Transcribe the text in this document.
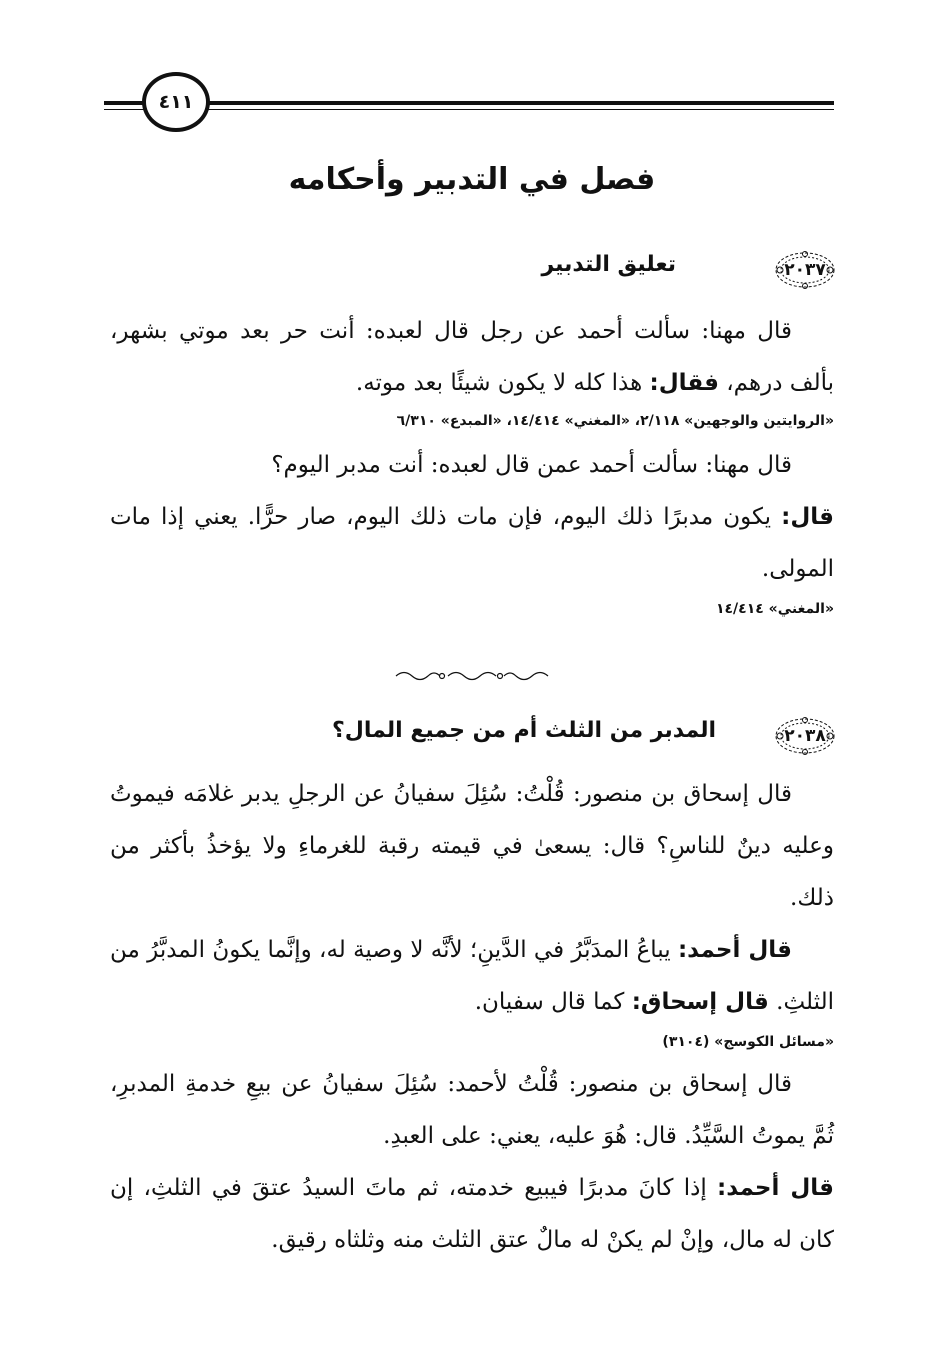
٤١١
فصل في التدبير وأحكامه
٢٠٣٧
تعليق التدبير

قال مهنا: سألت أحمد عن رجل قال لعبده: أنت حر بعد موتي بشهر، بألف درهم، فقال: هذا كله لا يكون شيئًا بعد موته.

«الروايتين والوجهين» ٢/١١٨، «المغني» ١٤/٤١٤، «المبدع» ٦/٣١٠

قال مهنا: سألت أحمد عمن قال لعبده: أنت مدبر اليوم؟

قال: يكون مدبرًا ذلك اليوم، فإن مات ذلك اليوم، صار حرًّا. يعني إذا مات المولى.

«المغني» ١٤/٤١٤

٢٠٣٨
المدبر من الثلث أم من جميع المال؟

قال إسحاق بن منصور: قُلْتُ: سُئِلَ سفيانُ عن الرجلِ يدبر غلامَه فيموتُ وعليه دينٌ للناسِ؟ قال: يسعىٰ في قيمته رقبة للغرماءِ ولا يؤخذُ بأكثر من ذلك.

قال أحمد: يباعُ المدَبَّرُ في الدَّينِ؛ لأنَّه لا وصية له، وإنَّما يكونُ المدبَّرُ من الثلثِ. قال إسحاق: كما قال سفيان.

«مسائل الكوسج» (٣١٠٤)

قال إسحاق بن منصور: قُلْتُ لأحمد: سُئِلَ سفيانُ عن بيعِ خدمةِ المدبرِ، ثُمَّ يموتُ السَّيِّدُ. قال: هُوَ عليه، يعني: على العبدِ.

قال أحمد: إذا كانَ مدبرًا فيبيع خدمته، ثم ماتَ السيدُ عتقَ في الثلثِ، إن كان له مال، وإنْ لم يكنْ له مالٌ عتق الثلث منه وثلثاه رقيق.
